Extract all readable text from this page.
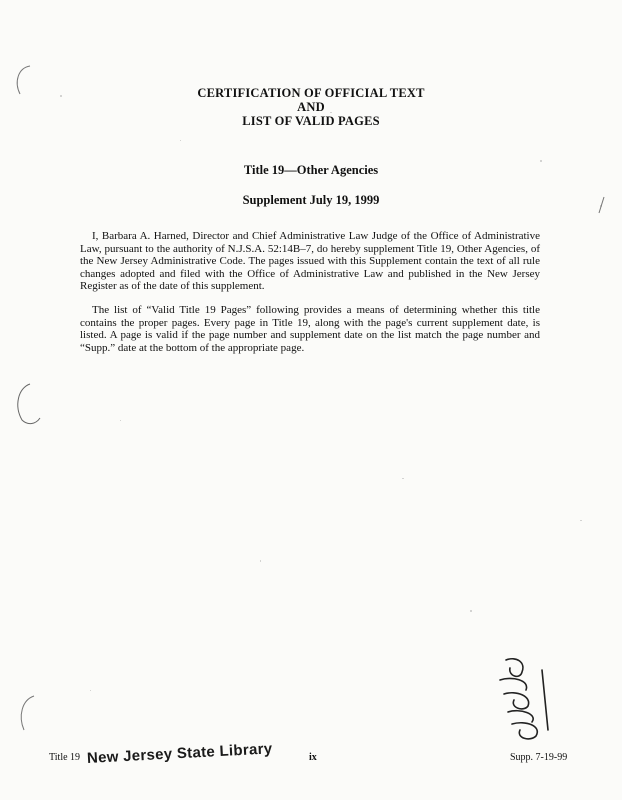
CERTIFICATION OF OFFICIAL TEXT
AND
LIST OF VALID PAGES
Title 19—Other Agencies
Supplement July 19, 1999
I, Barbara A. Harned, Director and Chief Administrative Law Judge of the Office of Administrative Law, pursuant to the authority of N.J.S.A. 52:14B–7, do hereby supplement Title 19, Other Agencies, of the New Jersey Administrative Code. The pages issued with this Supplement contain the text of all rule changes adopted and filed with the Office of Administrative Law and published in the New Jersey Register as of the date of this supplement.
The list of “Valid Title 19 Pages” following provides a means of determining whether this title contains the proper pages. Every page in Title 19, along with the page's current supplement date, is listed. A page is valid if the page number and supplement date on the list match the page number and “Supp.” date at the bottom of the appropriate page.
Title 19 New Jersey State Library	ix	Supp. 7-19-99
